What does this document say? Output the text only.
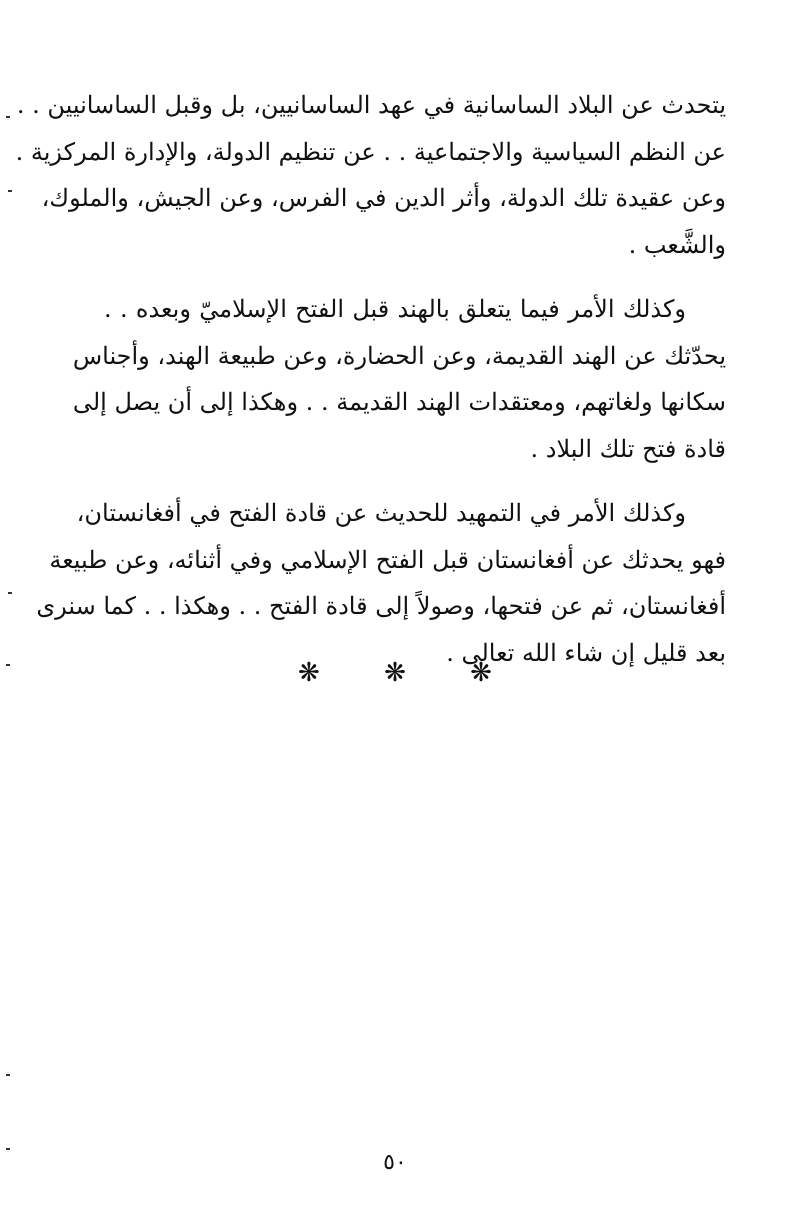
يتحدث عن البلاد الساسانية في عهد الساسانيين، بل وقبل الساسانيين . .
عن النظم السياسية والاجتماعية . . عن تنظيم الدولة، والإدارة المركزية .
وعن عقيدة تلك الدولة، وأثر الدين في الفرس، وعن الجيش، والملوك،
والشَّعب .
وكذلك الأمر فيما يتعلق بالهند قبل الفتح الإسلاميّ وبعده . .
يحدّثك عن الهند القديمة، وعن الحضارة، وعن طبيعة الهند، وأجناس
سكانها ولغاتهم، ومعتقدات الهند القديمة . . وهكذا إلى أن يصل إلى
قادة فتح تلك البلاد .
وكذلك الأمر في التمهيد للحديث عن قادة الفتح في أفغانستان،
فهو يحدثك عن أفغانستان قبل الفتح الإسلامي وفي أثنائه، وعن طبيعة
أفغانستان، ثم عن فتحها، وصولاً إلى قادة الفتح . . وهكذا . . كما سنرى
بعد قليل إن شاء الله تعالى .
❋ ❋ ❋
٥٠
